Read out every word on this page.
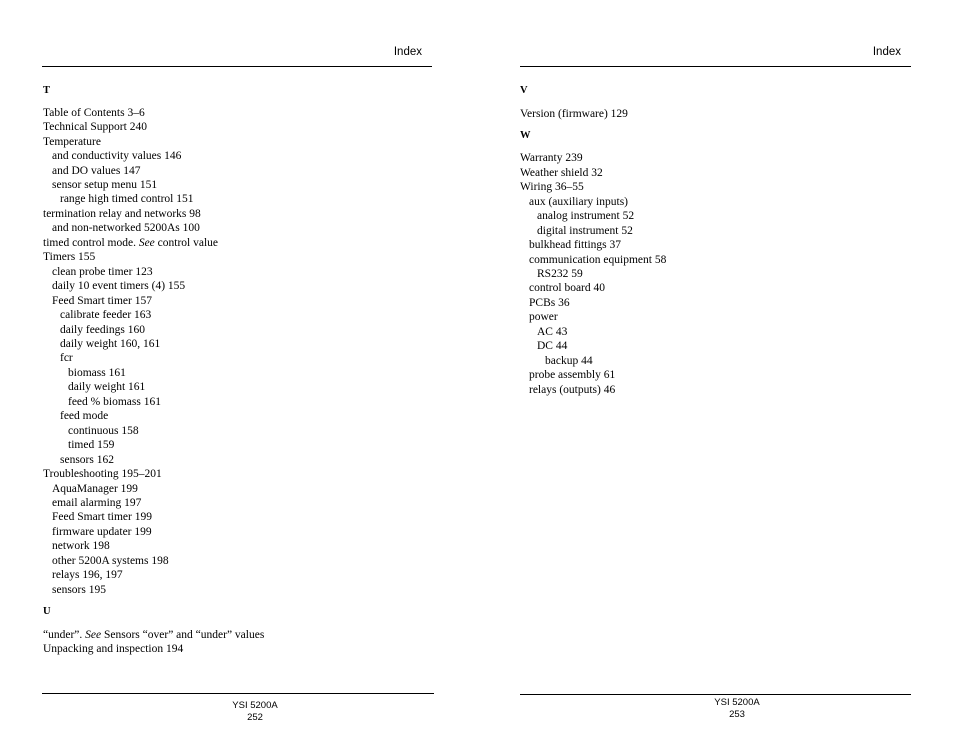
Index
T
Table of Contents 3–6
Technical Support 240
Temperature
and conductivity values 146
and DO values 147
sensor setup menu 151
range high timed control 151
termination relay and networks 98
and non-networked 5200As 100
timed control mode. See control value
Timers 155
clean probe timer 123
daily 10 event timers (4) 155
Feed Smart timer 157
calibrate feeder 163
daily feedings 160
daily weight 160, 161
fcr
biomass 161
daily weight 161
feed % biomass 161
feed mode
continuous 158
timed 159
sensors 162
Troubleshooting 195–201
AquaManager 199
email alarming 197
Feed Smart timer 199
firmware updater 199
network 198
other 5200A systems 198
relays 196, 197
sensors 195
U
“under”. See Sensors “over” and “under” values
Unpacking and inspection 194
YSI 5200A
252
Index
V
Version (firmware) 129
W
Warranty 239
Weather shield 32
Wiring 36–55
aux (auxiliary inputs)
analog instrument 52
digital instrument 52
bulkhead fittings 37
communication equipment 58
RS232 59
control board 40
PCBs 36
power
AC 43
DC 44
backup 44
probe assembly 61
relays (outputs) 46
YSI 5200A
253
